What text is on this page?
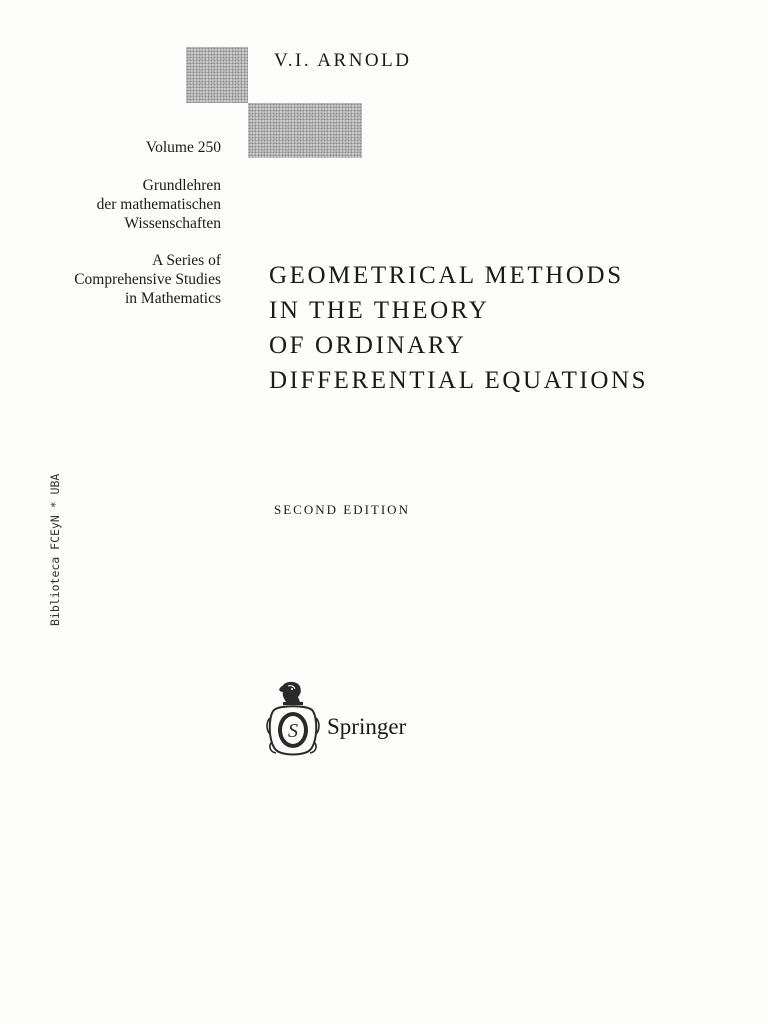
V.I. ARNOLD
Volume 250
Grundlehren
der mathematischen
Wissenschaften
A Series of
Comprehensive Studies
in Mathematics
GEOMETRICAL METHODS
IN THE THEORY
OF ORDINARY
DIFFERENTIAL EQUATIONS
SECOND EDITION
Biblioteca FCEyN * UBA
S Springer
